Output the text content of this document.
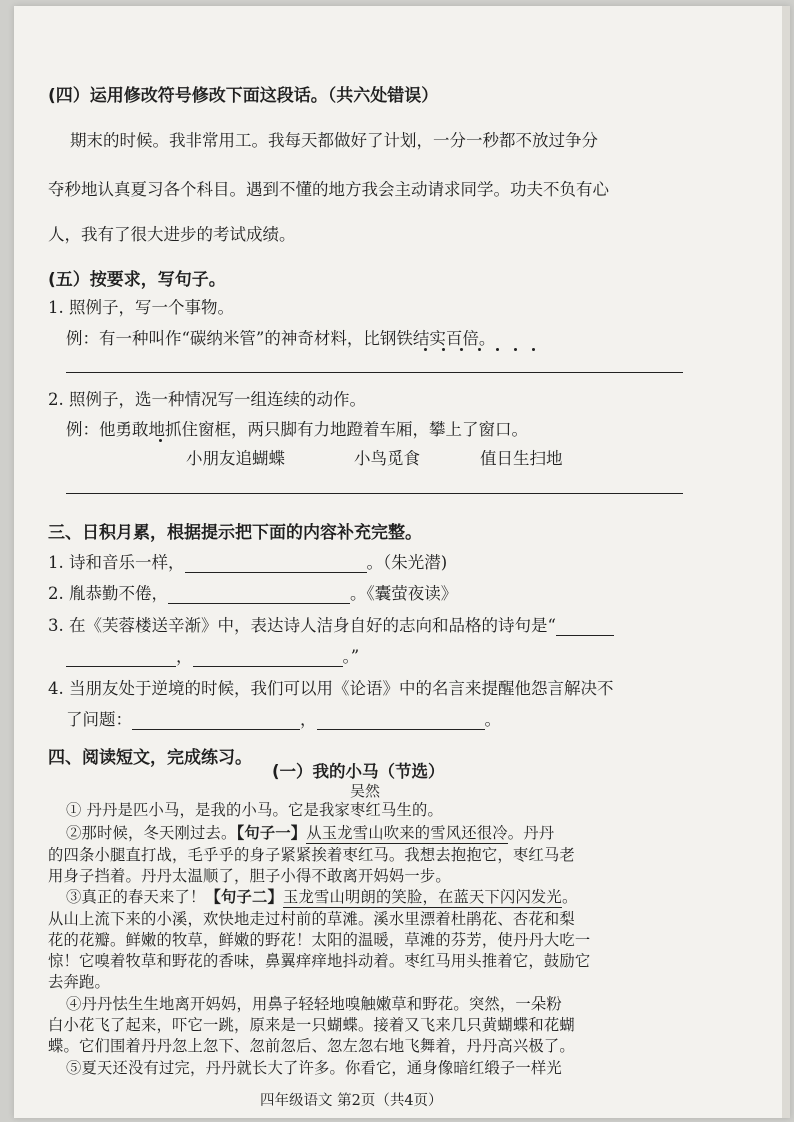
(四）运用修改符号修改下面这段话。（共六处错误）
期末的时候。我非常用工。我每天都做好了计划，一分一秒都不放过争分
夺秒地认真夏习各个科目。遇到不懂的地方我会主动请求同学。功夫不负有心
人，我有了很大进步的考试成绩。
(五）按要求，写句子。
1. 照例子，写一个事物。
例：有一种叫作“碳纳米管”的神奇材料，比钢铁结实百倍。
2. 照例子，选一种情况写一组连续的动作。
例：他勇敢地抓住窗框，两只脚有力地蹬着车厢，攀上了窗口。
小朋友追蝴蝶	小鸟觅食	值日生扫地
三、日积月累，根据提示把下面的内容补充完整。
1. 诗和音乐一样，	。（朱光潜)
2. 胤恭勤不倦，	。《囊萤夜读》
3. 在《芙蓉楼送辛渐》中，表达诗人洁身自好的志向和品格的诗句是“
，	。”
4. 当朋友处于逆境的时候，我们可以用《论语》中的名言来提醒他怨言解决不
了问题：	，	。
四、阅读短文，完成练习。
(一）我的小马（节选）
吴然
① 丹丹是匹小马，是我的小马。它是我家枣红马生的。
②那时候，冬天刚过去。【句子一】从玉龙雪山吹来的雪风还很冷。丹丹
的四条小腿直打战，毛乎乎的身子紧紧挨着枣红马。我想去抱抱它，枣红马老
用身子挡着。丹丹太温顺了，胆子小得不敢离开妈妈一步。
③真正的春天来了！【句子二】玉龙雪山明朗的笑脸，在蓝天下闪闪发光。
从山上流下来的小溪，欢快地走过村前的草滩。溪水里漂着杜鹃花、杏花和梨
花的花瓣。鲜嫩的牧草，鲜嫩的野花！太阳的温暖，草滩的芬芳，使丹丹大吃一
惊！它嗅着牧草和野花的香味，鼻翼痒痒地抖动着。枣红马用头推着它，鼓励它
去奔跑。
④丹丹怯生生地离开妈妈，用鼻子轻轻地嗅触嫩草和野花。突然，一朵粉
白小花飞了起来，吓它一跳，原来是一只蝴蝶。接着又飞来几只黄蝴蝶和花蝴
蝶。它们围着丹丹忽上忽下、忽前忽后、忽左忽右地飞舞着，丹丹高兴极了。
⑤夏天还没有过完，丹丹就长大了许多。你看它，通身像暗红缎子一样光
四年级语文 第2页（共4页）
